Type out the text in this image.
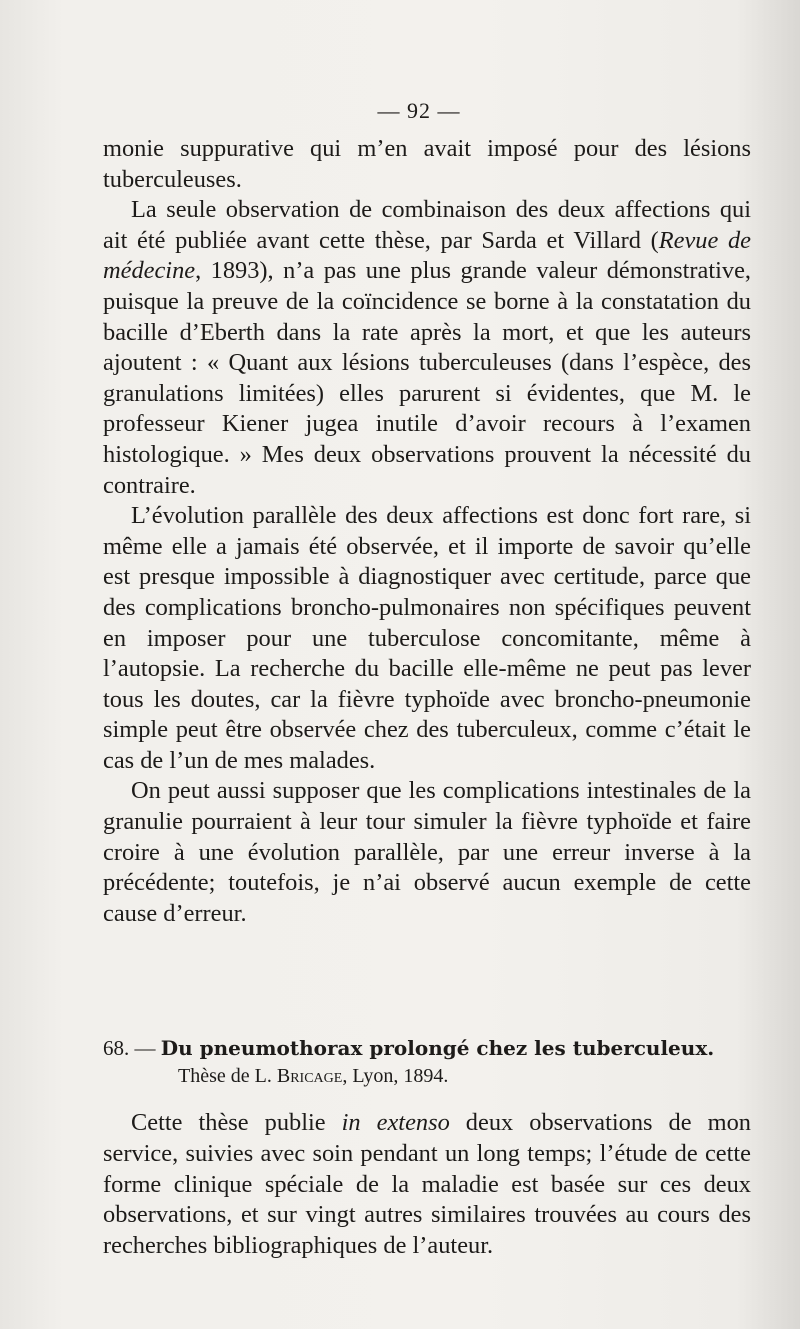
— 92 —

monie suppurative qui m’en avait imposé pour des lésions tuberculeuses.

La seule observation de combinaison des deux affections qui ait été publiée avant cette thèse, par Sarda et Villard (Revue de médecine, 1893), n’a pas une plus grande valeur démonstrative, puisque la preuve de la coïncidence se borne à la constatation du bacille d’Eberth dans la rate après la mort, et que les auteurs ajoutent : « Quant aux lésions tuberculeuses (dans l’espèce, des granulations limitées) elles parurent si évidentes, que M. le professeur Kiener jugea inutile d’avoir recours à l’examen histologique. » Mes deux observations prouvent la nécessité du contraire.

L’évolution parallèle des deux affections est donc fort rare, si même elle a jamais été observée, et il importe de savoir qu’elle est presque impossible à diagnostiquer avec certitude, parce que des complications broncho-pulmonaires non spécifiques peuvent en imposer pour une tuberculose concomitante, même à l’autopsie. La recherche du bacille elle-même ne peut pas lever tous les doutes, car la fièvre typhoïde avec broncho-pneumonie simple peut être observée chez des tuberculeux, comme c’était le cas de l’un de mes malades.

On peut aussi supposer que les complications intestinales de la granulie pourraient à leur tour simuler la fièvre typhoïde et faire croire à une évolution parallèle, par une erreur inverse à la précédente; toutefois, je n’ai observé aucun exemple de cette cause d’erreur.

68. — Du pneumothorax prolongé chez les tuberculeux.
Thèse de L. Bricage, Lyon, 1894.

Cette thèse publie in extenso deux observations de mon service, suivies avec soin pendant un long temps; l’étude de cette forme clinique spéciale de la maladie est basée sur ces deux observations, et sur vingt autres similaires trouvées au cours des recherches bibliographiques de l’auteur.
